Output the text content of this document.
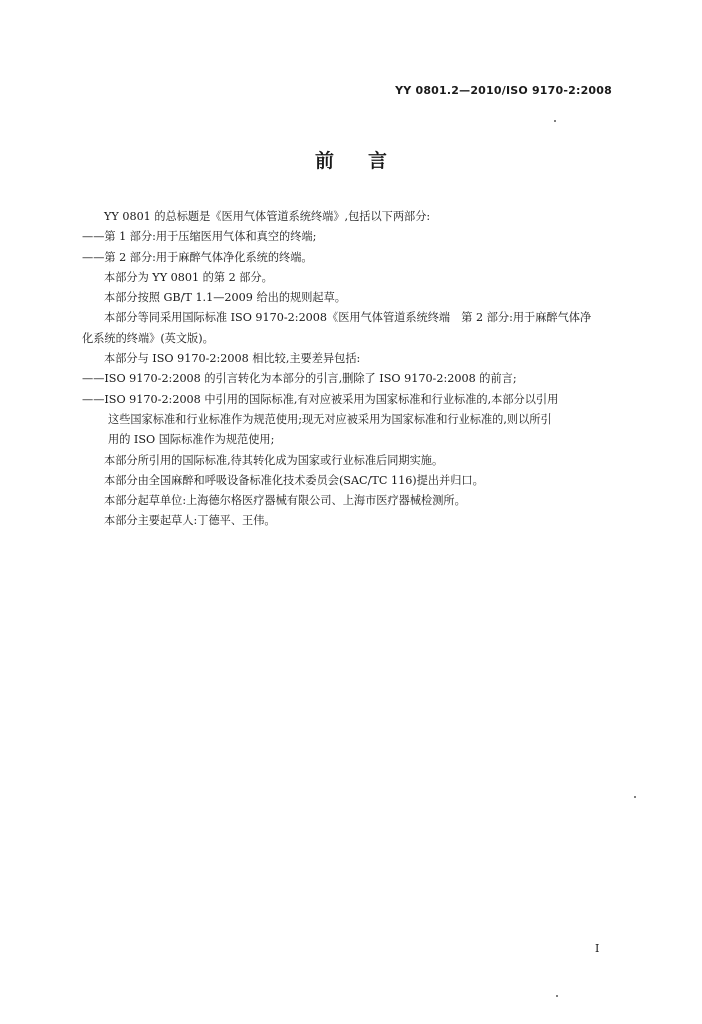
YY 0801.2—2010/ISO 9170-2:2008
前言

YY 0801 的总标题是《医用气体管道系统终端》,包括以下两部分:

——第 1 部分:用于压缩医用气体和真空的终端;

——第 2 部分:用于麻醉气体净化系统的终端。

本部分为 YY 0801 的第 2 部分。

本部分按照 GB/T 1.1—2009 给出的规则起草。

本部分等同采用国际标准 ISO 9170-2:2008《医用气体管道系统终端　第 2 部分:用于麻醉气体净

化系统的终端》(英文版)。

本部分与 ISO 9170-2:2008 相比较,主要差异包括:

——ISO 9170-2:2008 的引言转化为本部分的引言,删除了 ISO 9170-2:2008 的前言;

——ISO 9170-2:2008 中引用的国际标准,有对应被采用为国家标准和行业标准的,本部分以引用

这些国家标准和行业标准作为规范使用;现无对应被采用为国家标准和行业标准的,则以所引

用的 ISO 国际标准作为规范使用;

本部分所引用的国际标准,待其转化成为国家或行业标准后同期实施。

本部分由全国麻醉和呼吸设备标准化技术委员会(SAC/TC 116)提出并归口。

本部分起草单位:上海德尔格医疗器械有限公司、上海市医疗器械检测所。

本部分主要起草人:丁德平、王伟。

I
